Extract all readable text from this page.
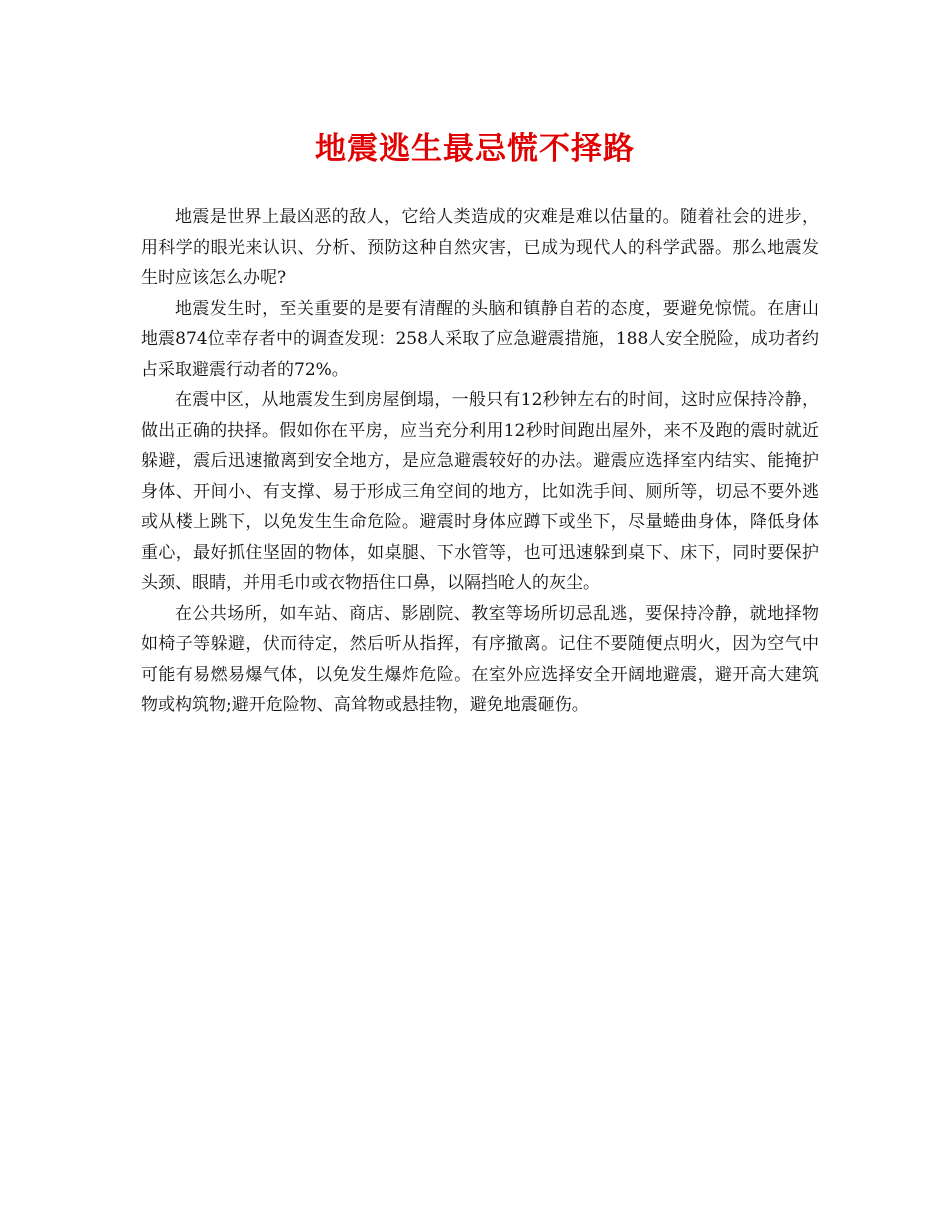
地震逃生最忌慌不择路

地震是世界上最凶恶的敌人，它给人类造成的灾难是难以估量的。随着社会的进步，用科学的眼光来认识、分析、预防这种自然灾害，已成为现代人的科学武器。那么地震发生时应该怎么办呢?

地震发生时，至关重要的是要有清醒的头脑和镇静自若的态度，要避免惊慌。在唐山地震874位幸存者中的调查发现：258人采取了应急避震措施，188人安全脱险，成功者约占采取避震行动者的72%。

在震中区，从地震发生到房屋倒塌，一般只有12秒钟左右的时间，这时应保持冷静，做出正确的抉择。假如你在平房，应当充分利用12秒时间跑出屋外，来不及跑的震时就近躲避，震后迅速撤离到安全地方，是应急避震较好的办法。避震应选择室内结实、能掩护身体、开间小、有支撑、易于形成三角空间的地方，比如洗手间、厕所等，切忌不要外逃或从楼上跳下，以免发生生命危险。避震时身体应蹲下或坐下，尽量蜷曲身体，降低身体重心，最好抓住坚固的物体，如桌腿、下水管等，也可迅速躲到桌下、床下，同时要保护头颈、眼睛，并用毛巾或衣物捂住口鼻，以隔挡呛人的灰尘。

在公共场所，如车站、商店、影剧院、教室等场所切忌乱逃，要保持冷静，就地择物如椅子等躲避，伏而待定，然后听从指挥，有序撤离。记住不要随便点明火，因为空气中可能有易燃易爆气体，以免发生爆炸危险。在室外应选择安全开阔地避震，避开高大建筑物或构筑物;避开危险物、高耸物或悬挂物，避免地震砸伤。
